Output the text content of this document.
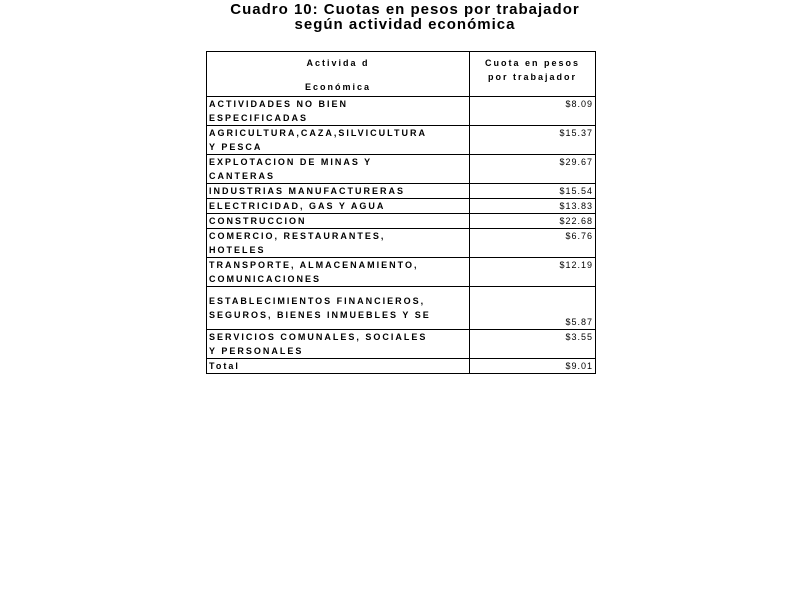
Cuadro 10: Cuotas en pesos por trabajador
según actividad económica
Activida d
Económica	Cuota en pesos
por trabajador

ACTIVIDADES NO BIEN
ESPECIFICADAS	$8.09
AGRICULTURA,CAZA,SILVICULTURA
Y PESCA	$15.37
EXPLOTACION DE MINAS Y
CANTERAS	$29.67
INDUSTRIAS MANUFACTURERAS	$15.54
ELECTRICIDAD, GAS Y AGUA	$13.83
CONSTRUCCION	$22.68
COMERCIO, RESTAURANTES,
HOTELES	$6.76
TRANSPORTE, ALMACENAMIENTO,
COMUNICACIONES	$12.19
ESTABLECIMIENTOS FINANCIEROS,
SEGUROS, BIENES INMUEBLES Y SE	$5.87
SERVICIOS COMUNALES, SOCIALES
Y PERSONALES	$3.55
Total	$9.01
